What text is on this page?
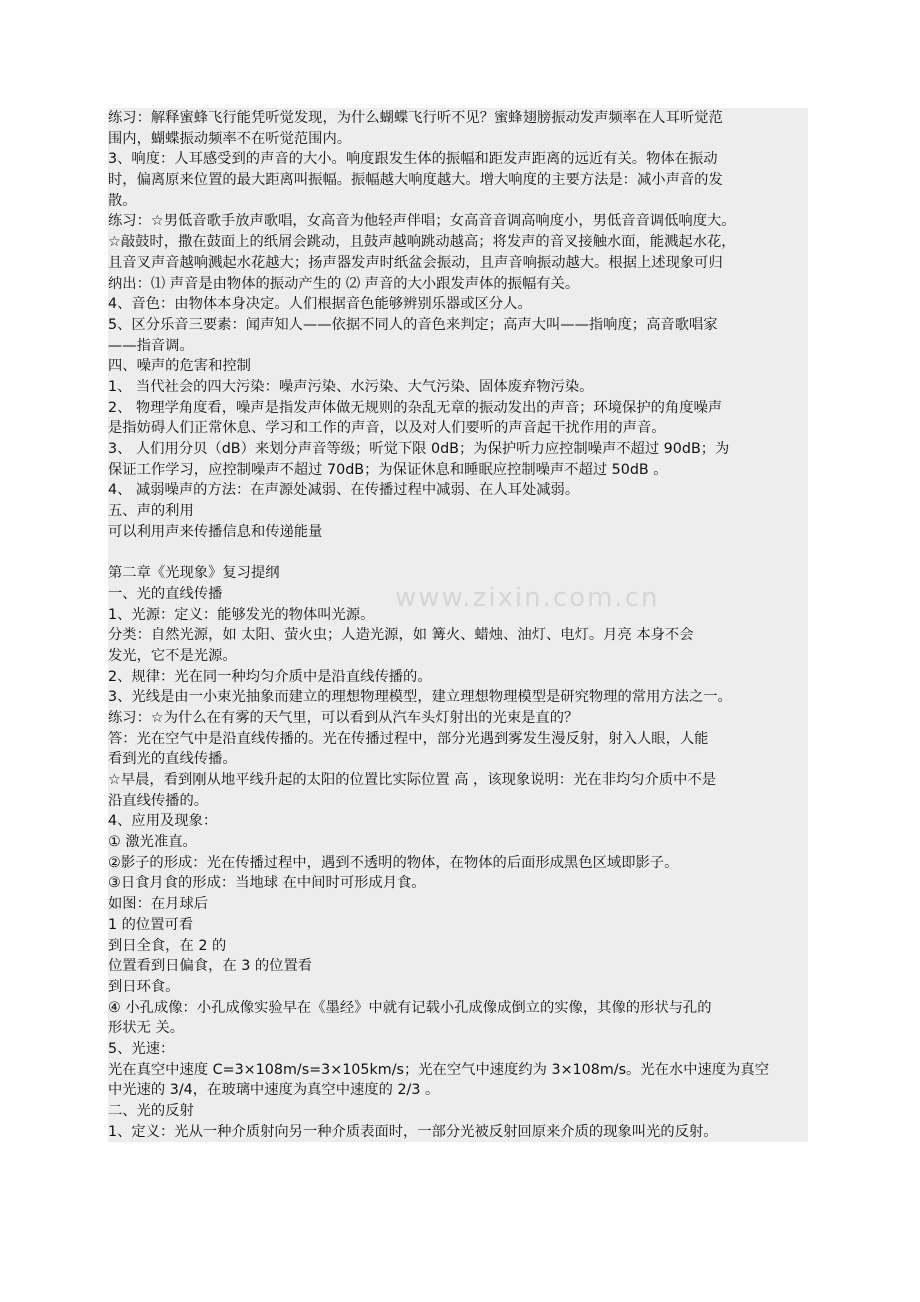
练习：解释蜜蜂飞行能凭听觉发现，为什么蝴蝶飞行听不见？蜜蜂翅膀振动发声频率在人耳听觉范
围内，蝴蝶振动频率不在听觉范围内。
3、响度：人耳感受到的声音的大小。响度跟发生体的振幅和距发声距离的远近有关。物体在振动
时，偏离原来位置的最大距离叫振幅。振幅越大响度越大。增大响度的主要方法是：减小声音的发
散。
练习：☆男低音歌手放声歌唱，女高音为他轻声伴唱；女高音音调高响度小，男低音音调低响度大。
☆敲鼓时，撒在鼓面上的纸屑会跳动，且鼓声越响跳动越高；将发声的音叉接触水面，能溅起水花，
且音叉声音越响溅起水花越大；扬声器发声时纸盆会振动，且声音响振动越大。根据上述现象可归
纳出：⑴ 声音是由物体的振动产生的 ⑵ 声音的大小跟发声体的振幅有关。
4、音色：由物体本身决定。人们根据音色能够辨别乐器或区分人。
5、区分乐音三要素：闻声知人——依据不同人的音色来判定；高声大叫——指响度；高音歌唱家
——指音调。
四、噪声的危害和控制
1、 当代社会的四大污染：噪声污染、水污染、大气污染、固体废弃物污染。
2、 物理学角度看，噪声是指发声体做无规则的杂乱无章的振动发出的声音；环境保护的角度噪声
是指妨碍人们正常休息、学习和工作的声音，以及对人们要听的声音起干扰作用的声音。
3、 人们用分贝（dB）来划分声音等级；听觉下限 0dB；为保护听力应控制噪声不超过 90dB；为
保证工作学习，应控制噪声不超过 70dB；为保证休息和睡眠应控制噪声不超过 50dB 。
4、 减弱噪声的方法：在声源处减弱、在传播过程中减弱、在人耳处减弱。
五、声的利用
可以利用声来传播信息和传递能量
第二章《光现象》复习提纲
一、光的直线传播
1、光源：定义：能够发光的物体叫光源。
分类：自然光源，如 太阳、萤火虫；人造光源，如 篝火、蜡烛、油灯、电灯。月亮 本身不会
发光，它不是光源。
2、规律：光在同一种均匀介质中是沿直线传播的。
3、光线是由一小束光抽象而建立的理想物理模型，建立理想物理模型是研究物理的常用方法之一。
练习：☆为什么在有雾的天气里，可以看到从汽车头灯射出的光束是直的？
答：光在空气中是沿直线传播的。光在传播过程中，部分光遇到雾发生漫反射，射入人眼，人能
看到光的直线传播。
☆早晨，看到刚从地平线升起的太阳的位置比实际位置 高 ，该现象说明：光在非均匀介质中不是
沿直线传播的。
4、应用及现象：
① 激光准直。
②影子的形成：光在传播过程中，遇到不透明的物体，在物体的后面形成黑色区域即影子。
③日食月食的形成：当地球 在中间时可形成月食。
如图：在月球后
1 的位置可看
到日全食，在 2 的
位置看到日偏食，在 3 的位置看
到日环食。
④ 小孔成像：小孔成像实验早在《墨经》中就有记载小孔成像成倒立的实像，其像的形状与孔的
形状无 关。
5、光速：
光在真空中速度 C=3×108m/s=3×105km/s；光在空气中速度约为 3×108m/s。光在水中速度为真空
中光速的 3/4，在玻璃中速度为真空中速度的 2/3 。
二、光的反射
1、定义：光从一种介质射向另一种介质表面时，一部分光被反射回原来介质的现象叫光的反射。
www.zixin.com.cn
